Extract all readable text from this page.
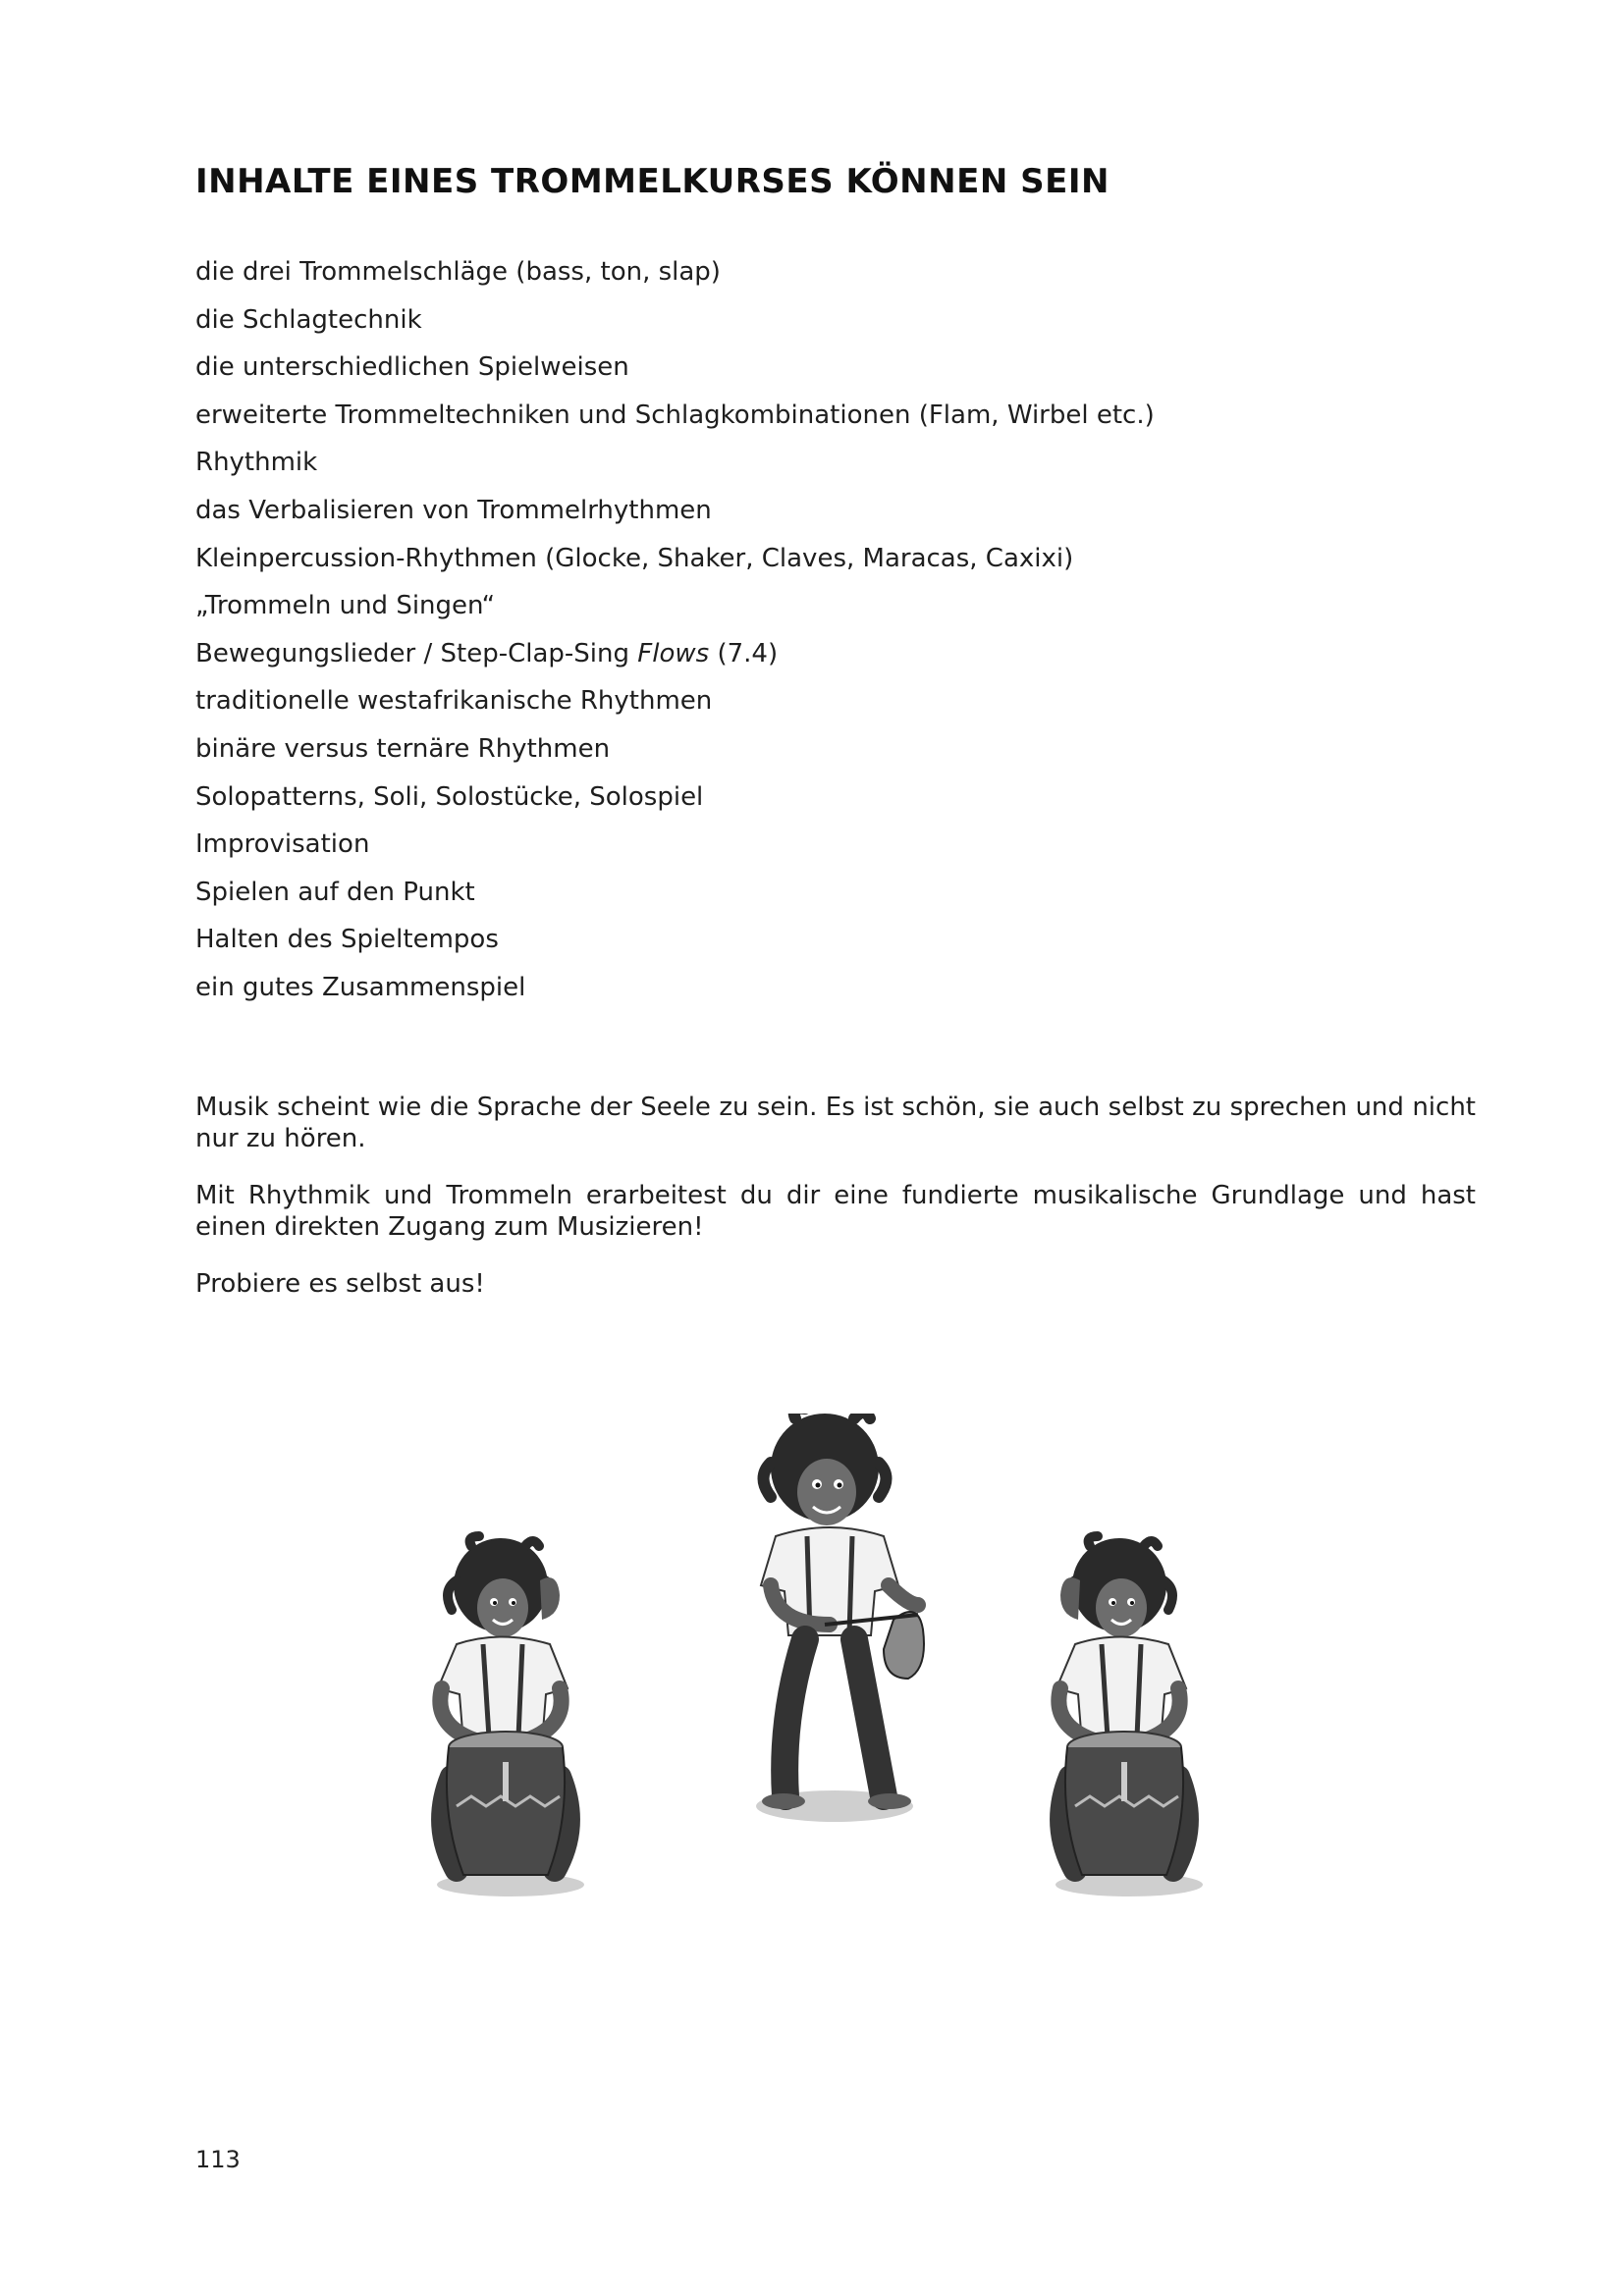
INHALTE EINES TROMMELKURSES KÖNNEN SEIN
die drei Trommelschläge (bass, ton, slap)
die Schlagtechnik
die unterschiedlichen Spielweisen
erweiterte Trommeltechniken und Schlagkombinationen (Flam, Wirbel etc.)
Rhythmik
das Verbalisieren von Trommelrhythmen
Kleinpercussion-Rhythmen (Glocke, Shaker, Claves, Maracas, Caxixi)
„Trommeln und Singen“
Bewegungslieder / Step-Clap-Sing Flows (7.4)
traditionelle westafrikanische Rhythmen
binäre versus ternäre Rhythmen
Solopatterns, Soli, Solostücke, Solospiel
Improvisation
Spielen auf den Punkt
Halten des Spieltempos
ein gutes Zusammenspiel

Musik scheint wie die Sprache der Seele zu sein. Es ist schön, sie auch selbst zu sprechen und nicht nur zu hören.

Mit Rhythmik und Trommeln erarbeitest du dir eine fundierte musikalische Grundlage und hast einen direkten Zugang zum Musizieren!

Probiere es selbst aus!

113
